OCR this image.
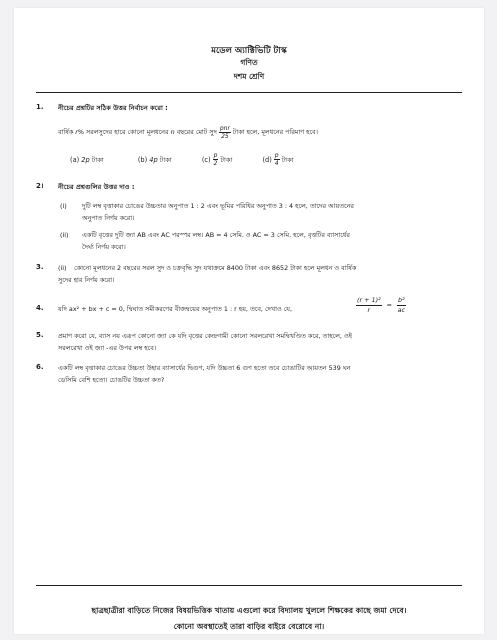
মডেল অ্যাক্টিভিটি টাস্ক
গণিত
দশম শ্রেণি
1. নীচের প্রশ্নটির সঠিক উত্তর নির্বাচন করো :
বার্ষিক
r % সরলসুদের হারে কোনো মূলধনের
n
বছরের মোট সুদ $\frac{\text{pnr}}{25}$ টাকা হলে, মূলধনের পরিমাণ হবে।
(a)
2p
টাকা	(b)
4p
টাকা	$(c) \frac{p}{2}$ টাকা	$(d) \frac{p}{4}$ টাকা
2। নীচের প্রশ্নগুলির উত্তর দাও :
(i) দুটি লম্ব বৃত্তাকার চোঙের উচ্চতার অনুপাত 1 : 2 এবং ভূমির পরিধির অনুপাত 3 : 4 হলে, তাদের আয়তনের
অনুপাত নির্ণয় করো।
(ii) একটি বৃত্তের দুটি জ্যা AB এবং AC পরস্পর লম্ব। AB = 4 সেমি. ও AC = 3 সেমি. হলে, বৃত্তটির ব্যাসার্ধের
দৈর্ঘ্য নির্ণয় করো।
3. (ii) কোনো মূলধনের 2 বছরের সরল সুদ ও চক্রবৃদ্ধি সুদ যথাক্রমে 8400 টাকা এবং 8652 টাকা হলে মূলধন ও বার্ষিক
সুদের হার নির্ণয় করো।
4. যদি ax² + bx + c = 0, দ্বিঘাত সমীকরণের বীজদ্বয়ের অনুপাত 1 : r হয়, তবে, দেখাও যে,	$\frac{\text{(r + 1)²}}{r} = \frac{\text{b²}}{ac}$
5. প্রমাণ করো যে, ব্যাস নয় এরূপ কোনো জ্যা কে যদি বৃত্তের কেন্দ্রগামী কোনো সরলরেখা সমদ্বিখণ্ডিত করে, তাহলে, ওই
সরলরেখা ওই জ্যা -এর উপর লম্ব হবে।
6. একটি লম্ব বৃত্তাকার চোঙের উচ্চতা উহার ব্যাসার্ধের দ্বিগুণ, যদি উচ্চতা 6 গুণ হতো তবে চোঙাটির আয়তন 539 ঘন
ডেসিমি বেশি হতো। চোঙটির উচ্চতা কত?
ছাত্রছাত্রীরা বাড়িতে নিজের বিষয়ভিত্তিক খাতায় এগুলো করে বিদ্যালয় খুললে শিক্ষকের কাছে জমা দেবে।
কোনো অবস্থাতেই তারা বাড়ির বাইরে বেরোবে না।
